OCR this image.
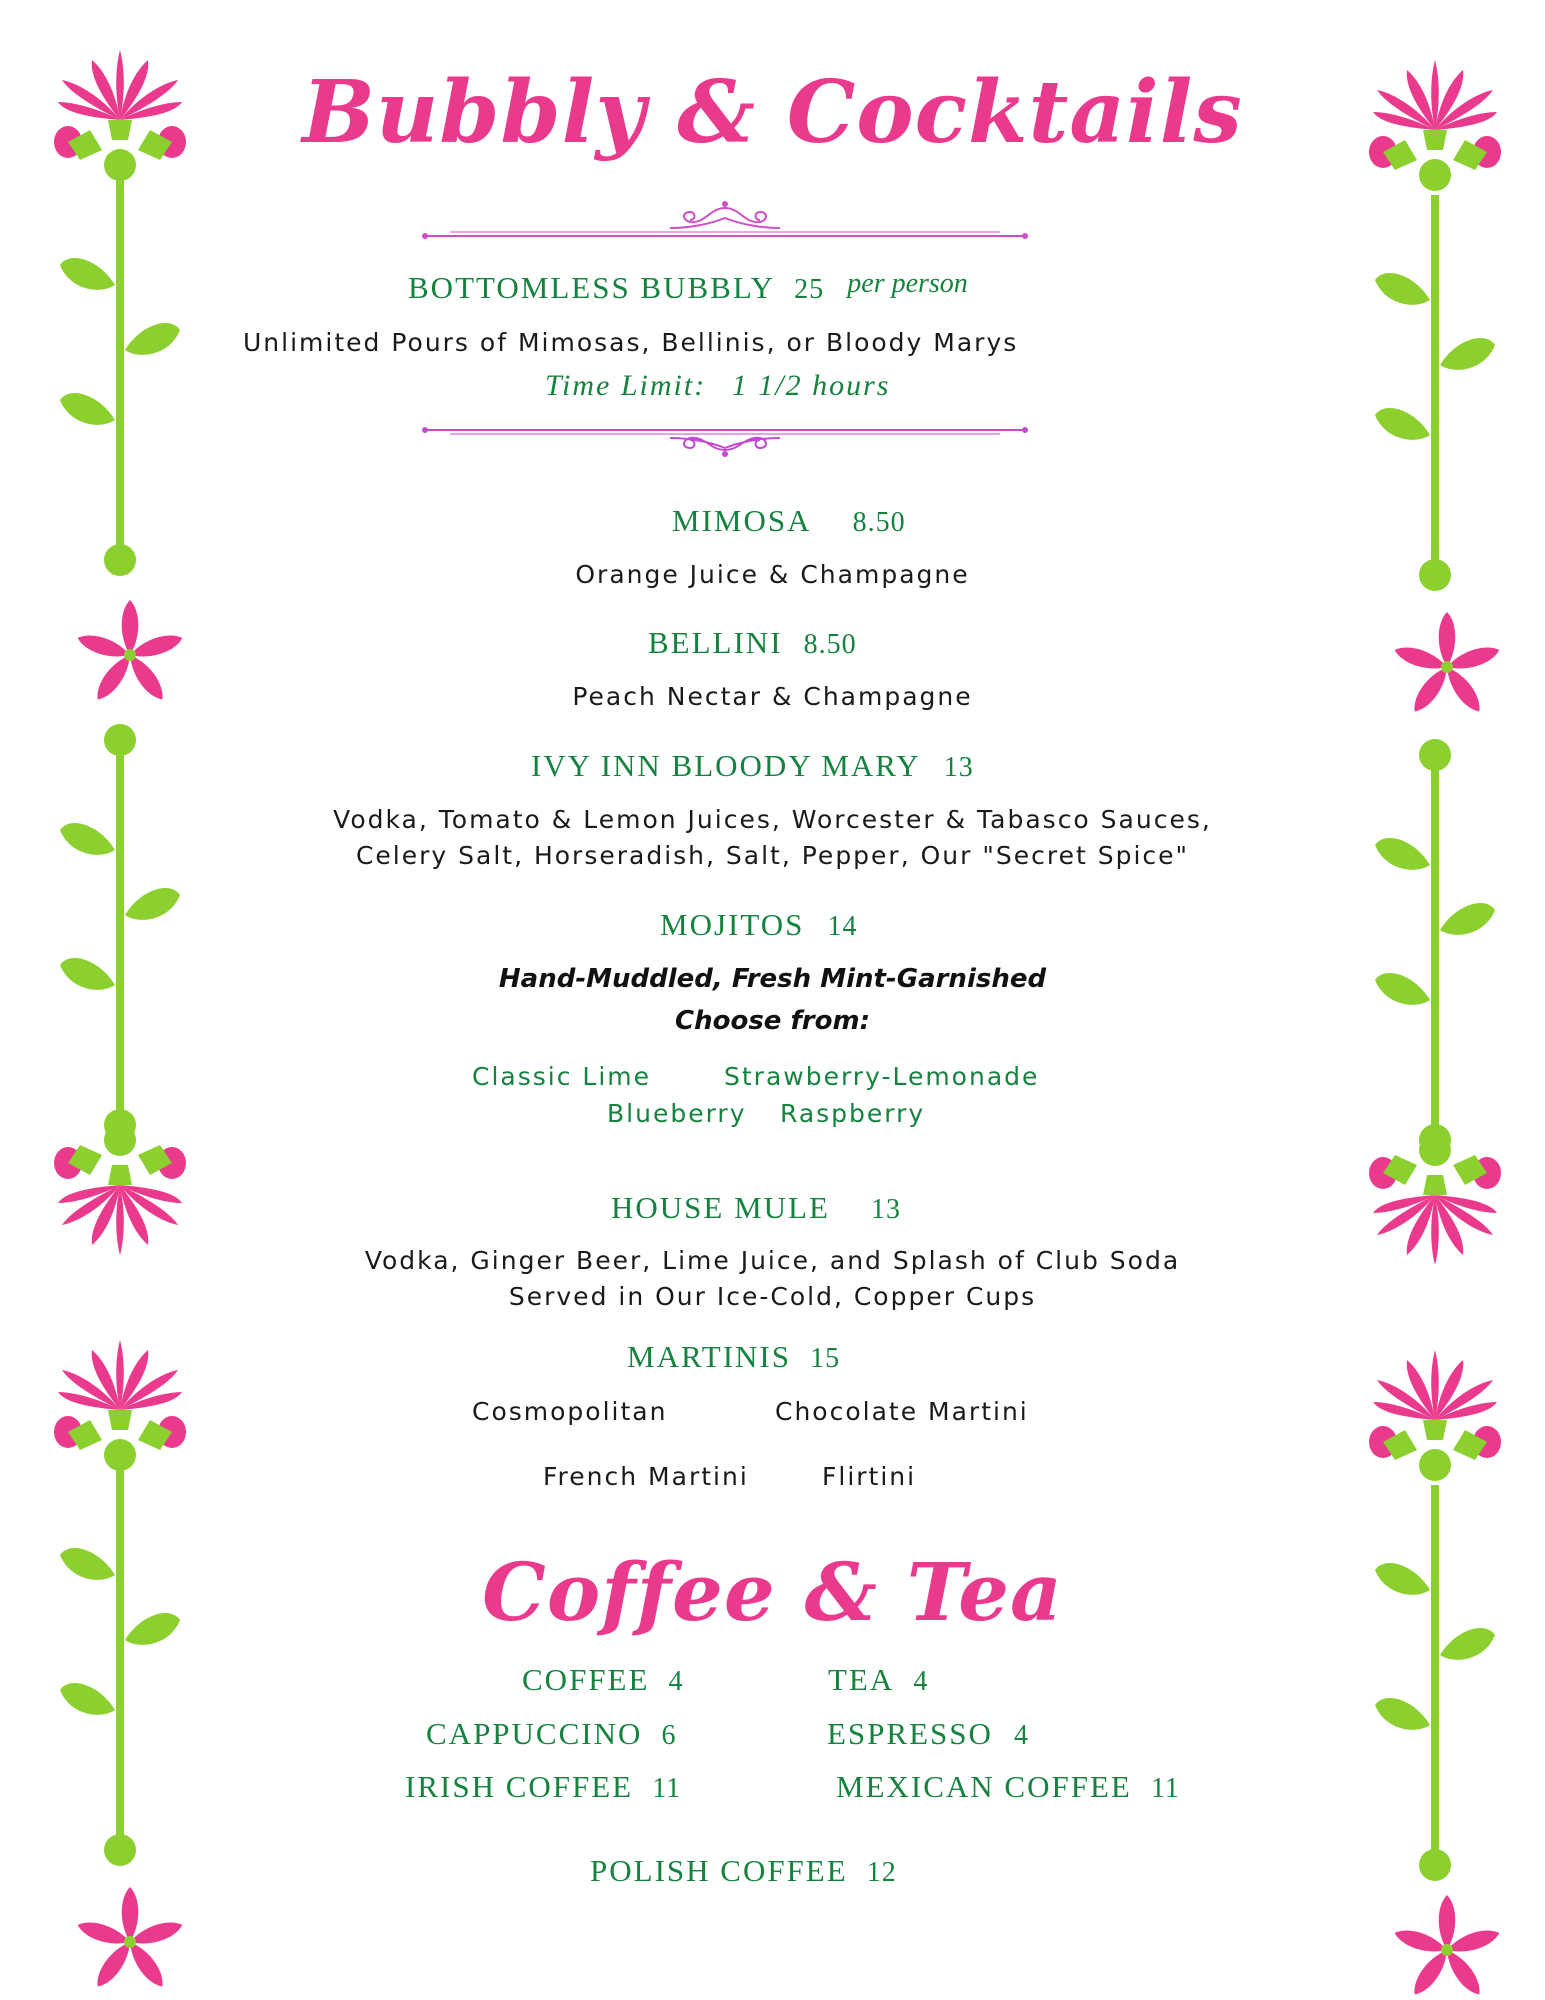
Bubbly & Cocktails
BOTTOMLESS BUBBLY 25 per person
Unlimited Pours of Mimosas, Bellinis, or Bloody Marys
Time Limit: 1 1/2 hours
MIMOSA 8.50
Orange Juice & Champagne
BELLINI 8.50
Peach Nectar & Champagne
IVY INN BLOODY MARY 13
Vodka, Tomato & Lemon Juices, Worcester & Tabasco Sauces,
Celery Salt, Horseradish, Salt, Pepper, Our "Secret Spice"
MOJITOS 14
Hand-Muddled, Fresh Mint-Garnished
Choose from:
Classic Lime	Strawberry-Lemonade
Blueberry Raspberry
HOUSE MULE 13
Vodka, Ginger Beer, Lime Juice, and Splash of Club Soda
Served in Our Ice-Cold, Copper Cups
MARTINIS 15
Cosmopolitan	Chocolate Martini
French Martini	Flirtini
Coffee & Tea
COFFEE 4	TEA 4
CAPPUCCINO 6	ESPRESSO 4
IRISH COFFEE 11	MEXICAN COFFEE 11
POLISH COFFEE 12
